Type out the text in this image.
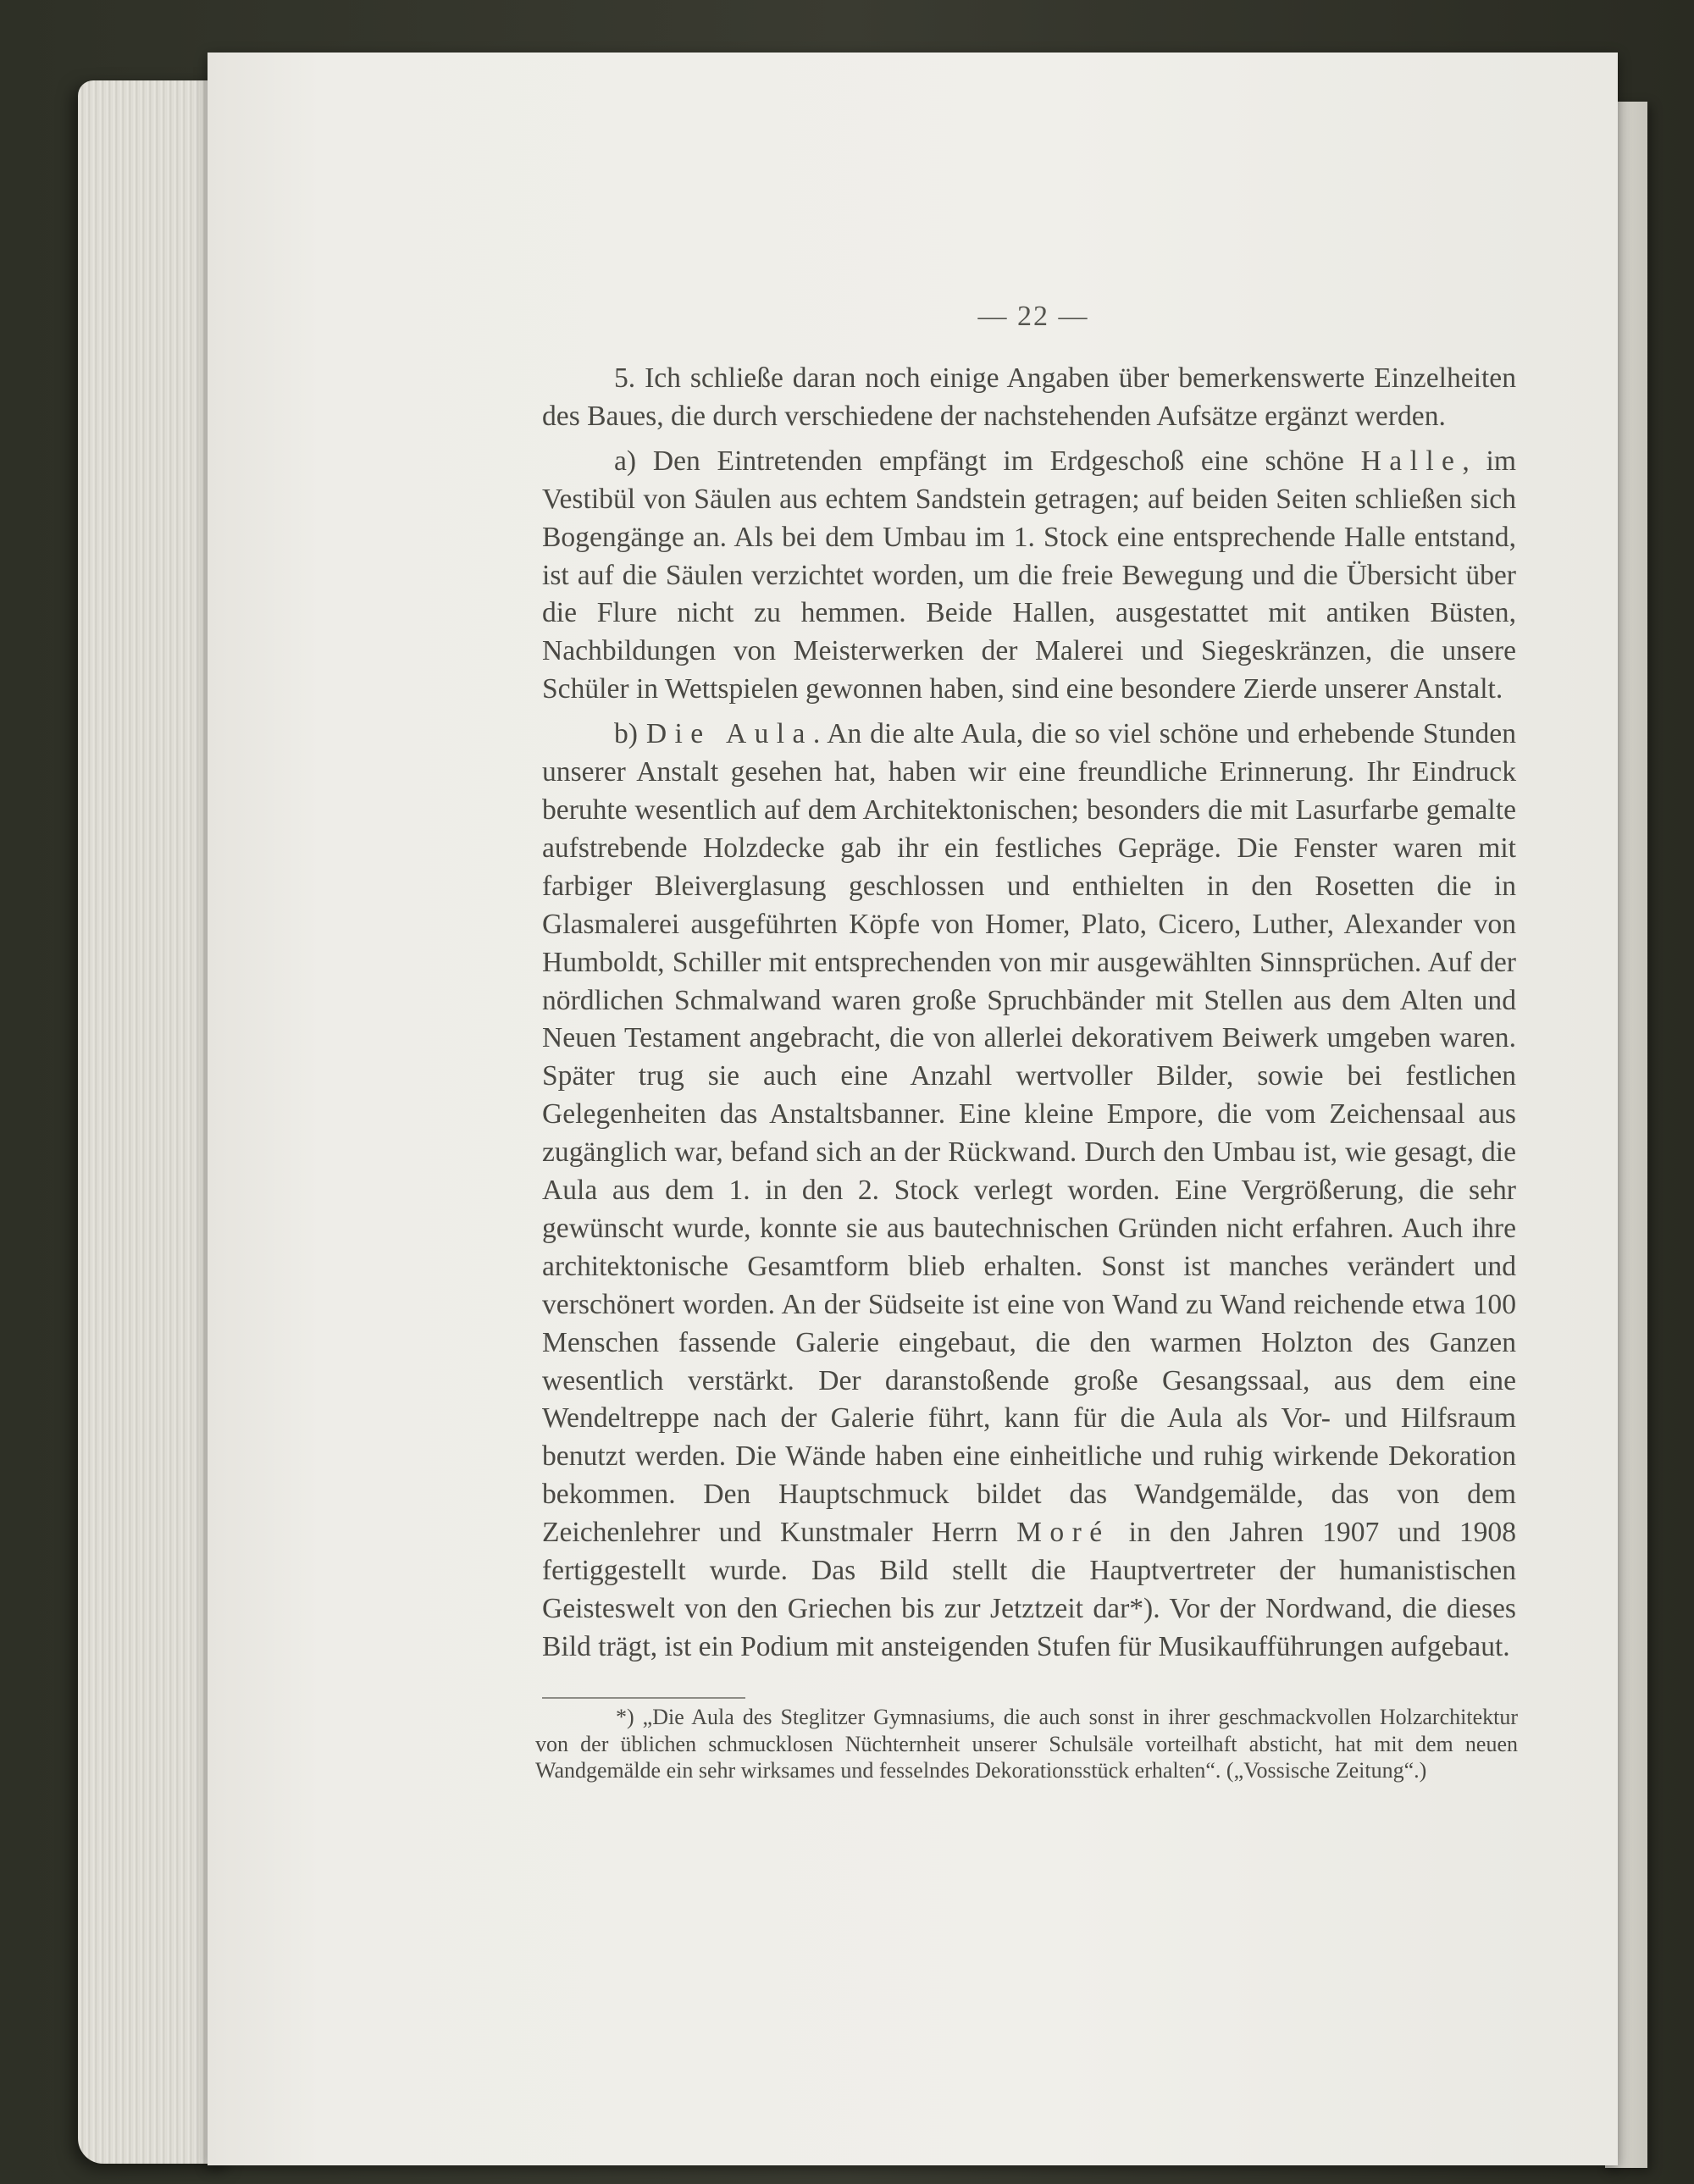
— 22 —

5. Ich schließe daran noch einige Angaben über bemerkenswerte Einzelheiten des Baues, die durch verschiedene der nachstehenden Aufsätze ergänzt werden.

a) Den Eintretenden empfängt im Erdgeschoß eine schöne Halle, im Vestibül von Säulen aus echtem Sandstein getragen; auf beiden Seiten schließen sich Bogengänge an. Als bei dem Umbau im 1. Stock eine entsprechende Halle entstand, ist auf die Säulen verzichtet worden, um die freie Bewegung und die Übersicht über die Flure nicht zu hemmen. Beide Hallen, ausgestattet mit antiken Büsten, Nachbildungen von Meisterwerken der Malerei und Siegeskränzen, die unsere Schüler in Wettspielen gewonnen haben, sind eine besondere Zierde unserer Anstalt.

b) Die Aula. An die alte Aula, die so viel schöne und erhebende Stunden unserer Anstalt gesehen hat, haben wir eine freundliche Erinnerung. Ihr Eindruck beruhte wesentlich auf dem Architektonischen; besonders die mit Lasurfarbe gemalte aufstrebende Holzdecke gab ihr ein festliches Gepräge. Die Fenster waren mit farbiger Bleiverglasung geschlossen und enthielten in den Rosetten die in Glasmalerei ausgeführten Köpfe von Homer, Plato, Cicero, Luther, Alexander von Humboldt, Schiller mit entsprechenden von mir ausgewählten Sinnsprüchen. Auf der nördlichen Schmalwand waren große Spruchbänder mit Stellen aus dem Alten und Neuen Testament angebracht, die von allerlei dekorativem Beiwerk umgeben waren. Später trug sie auch eine Anzahl wertvoller Bilder, sowie bei festlichen Gelegenheiten das Anstaltsbanner. Eine kleine Empore, die vom Zeichensaal aus zugänglich war, befand sich an der Rückwand. Durch den Umbau ist, wie gesagt, die Aula aus dem 1. in den 2. Stock verlegt worden. Eine Vergrößerung, die sehr gewünscht wurde, konnte sie aus bautechnischen Gründen nicht erfahren. Auch ihre architektonische Gesamtform blieb erhalten. Sonst ist manches verändert und verschönert worden. An der Südseite ist eine von Wand zu Wand reichende etwa 100 Menschen fassende Galerie eingebaut, die den warmen Holzton des Ganzen wesentlich verstärkt. Der daranstoßende große Gesangssaal, aus dem eine Wendeltreppe nach der Galerie führt, kann für die Aula als Vor- und Hilfsraum benutzt werden. Die Wände haben eine einheitliche und ruhig wirkende Dekoration bekommen. Den Hauptschmuck bildet das Wandgemälde, das von dem Zeichenlehrer und Kunstmaler Herrn Moré in den Jahren 1907 und 1908 fertiggestellt wurde. Das Bild stellt die Hauptvertreter der humanistischen Geisteswelt von den Griechen bis zur Jetztzeit dar*). Vor der Nordwand, die dieses Bild trägt, ist ein Podium mit ansteigenden Stufen für Musikaufführungen aufgebaut.

*) „Die Aula des Steglitzer Gymnasiums, die auch sonst in ihrer geschmackvollen Holzarchitektur von der üblichen schmucklosen Nüchternheit unserer Schulsäle vorteilhaft absticht, hat mit dem neuen Wandgemälde ein sehr wirksames und fesselndes Dekorationsstück erhalten“. („Vossische Zeitung“.)
